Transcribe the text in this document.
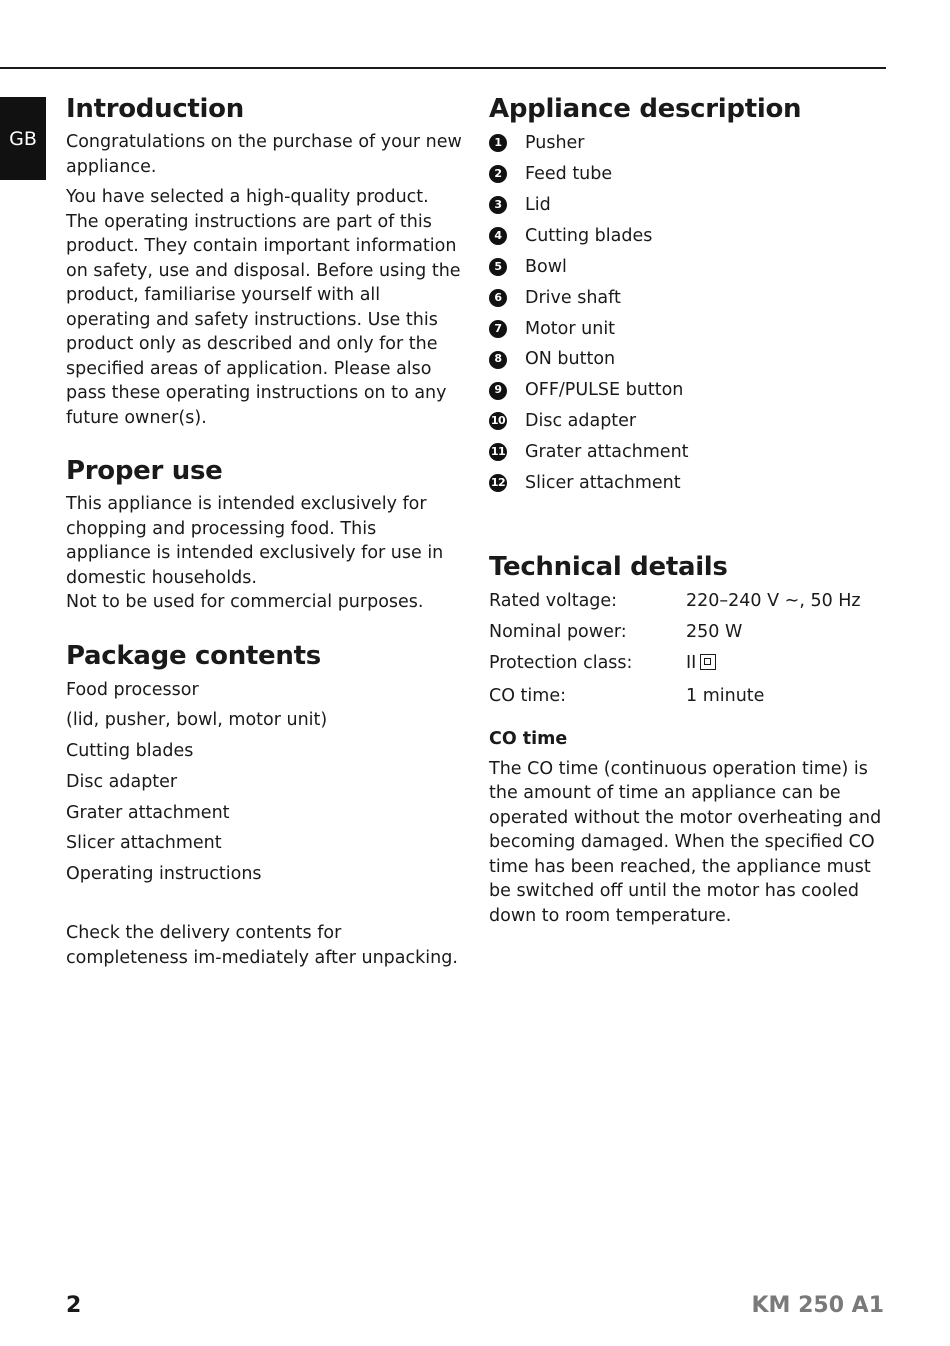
GB
Introduction

Congratulations on the purchase of your new appliance.

You have selected a high-quality product. The operating instructions are part of this product. They contain important information on safety, use and disposal. Before using the product, familiarise yourself with all operating and safety instructions. Use this product only as described and only for the specified areas of application. Please also pass these operating instructions on to any future owner(s).

Proper use

This appliance is intended exclusively for chopping and processing food. This appliance is intended exclusively for use in domestic households.

Not to be used for commercial purposes.

Package contents
Food processor
(lid, pusher, bowl, motor unit)
Cutting blades
Disc adapter
Grater attachment
Slicer attachment
Operating instructions

Check the delivery contents for completeness im-mediately after unpacking.

Appliance description
1	Pusher
2	Feed tube
3	Lid
4	Cutting blades
5	Bowl
6	Drive shaft
7	Motor unit
8	ON button
9	OFF/PULSE button
10 Disc adapter
11 Grater attachment
12 Slicer attachment
Technical details
Rated voltage:	220–240 V ~, 50 Hz
Nominal power:	250 W
Protection class:	II
CO time:	1 minute
CO time

The CO time (continuous operation time) is the amount of time an appliance can be operated without the motor overheating and becoming damaged. When the specified CO time has been reached, the appliance must be switched off until the motor has cooled down to room temperature.

2	KM 250 A1
